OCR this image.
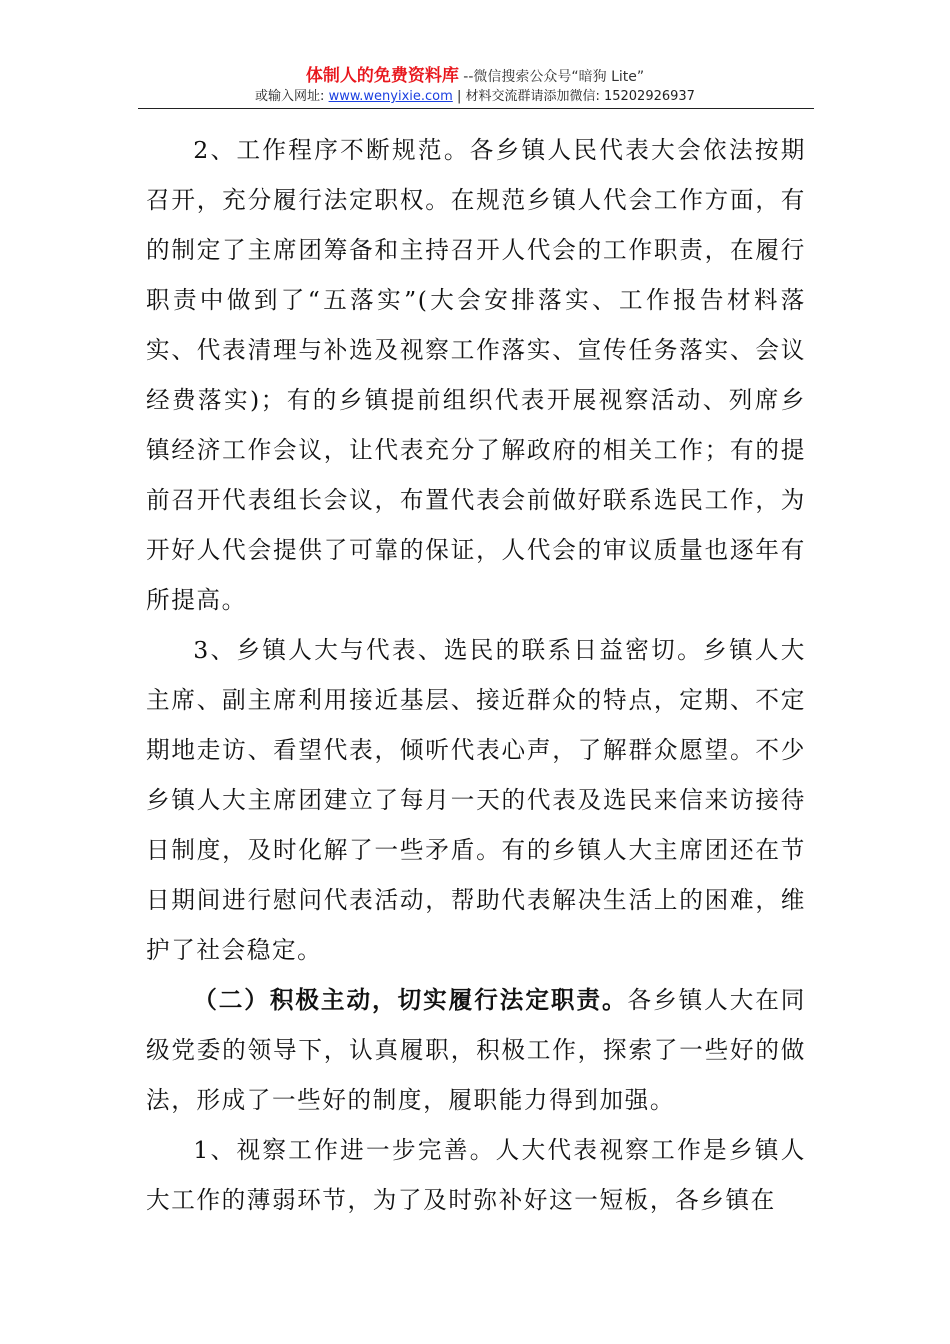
体制人的免费资料库 --微信搜索公众号“暗狗 Lite”
或输入网址: www.wenyixie.com | 材料交流群请添加微信: 15202926937

2、工作程序不断规范。各乡镇人民代表大会依法按期召开，充分履行法定职权。在规范乡镇人代会工作方面，有的制定了主席团筹备和主持召开人代会的工作职责，在履行职责中做到了“五落实”(大会安排落实、工作报告材料落实、代表清理与补选及视察工作落实、宣传任务落实、会议经费落实)；有的乡镇提前组织代表开展视察活动、列席乡镇经济工作会议，让代表充分了解政府的相关工作；有的提前召开代表组长会议，布置代表会前做好联系选民工作，为开好人代会提供了可靠的保证，人代会的审议质量也逐年有所提高。

3、乡镇人大与代表、选民的联系日益密切。乡镇人大主席、副主席利用接近基层、接近群众的特点，定期、不定期地走访、看望代表，倾听代表心声，了解群众愿望。不少乡镇人大主席团建立了每月一天的代表及选民来信来访接待日制度，及时化解了一些矛盾。有的乡镇人大主席团还在节日期间进行慰问代表活动，帮助代表解决生活上的困难，维护了社会稳定。

（二）积极主动，切实履行法定职责。各乡镇人大在同级党委的领导下，认真履职，积极工作，探索了一些好的做法，形成了一些好的制度，履职能力得到加强。

1、视察工作进一步完善。人大代表视察工作是乡镇人大工作的薄弱环节，为了及时弥补好这一短板，各乡镇在
